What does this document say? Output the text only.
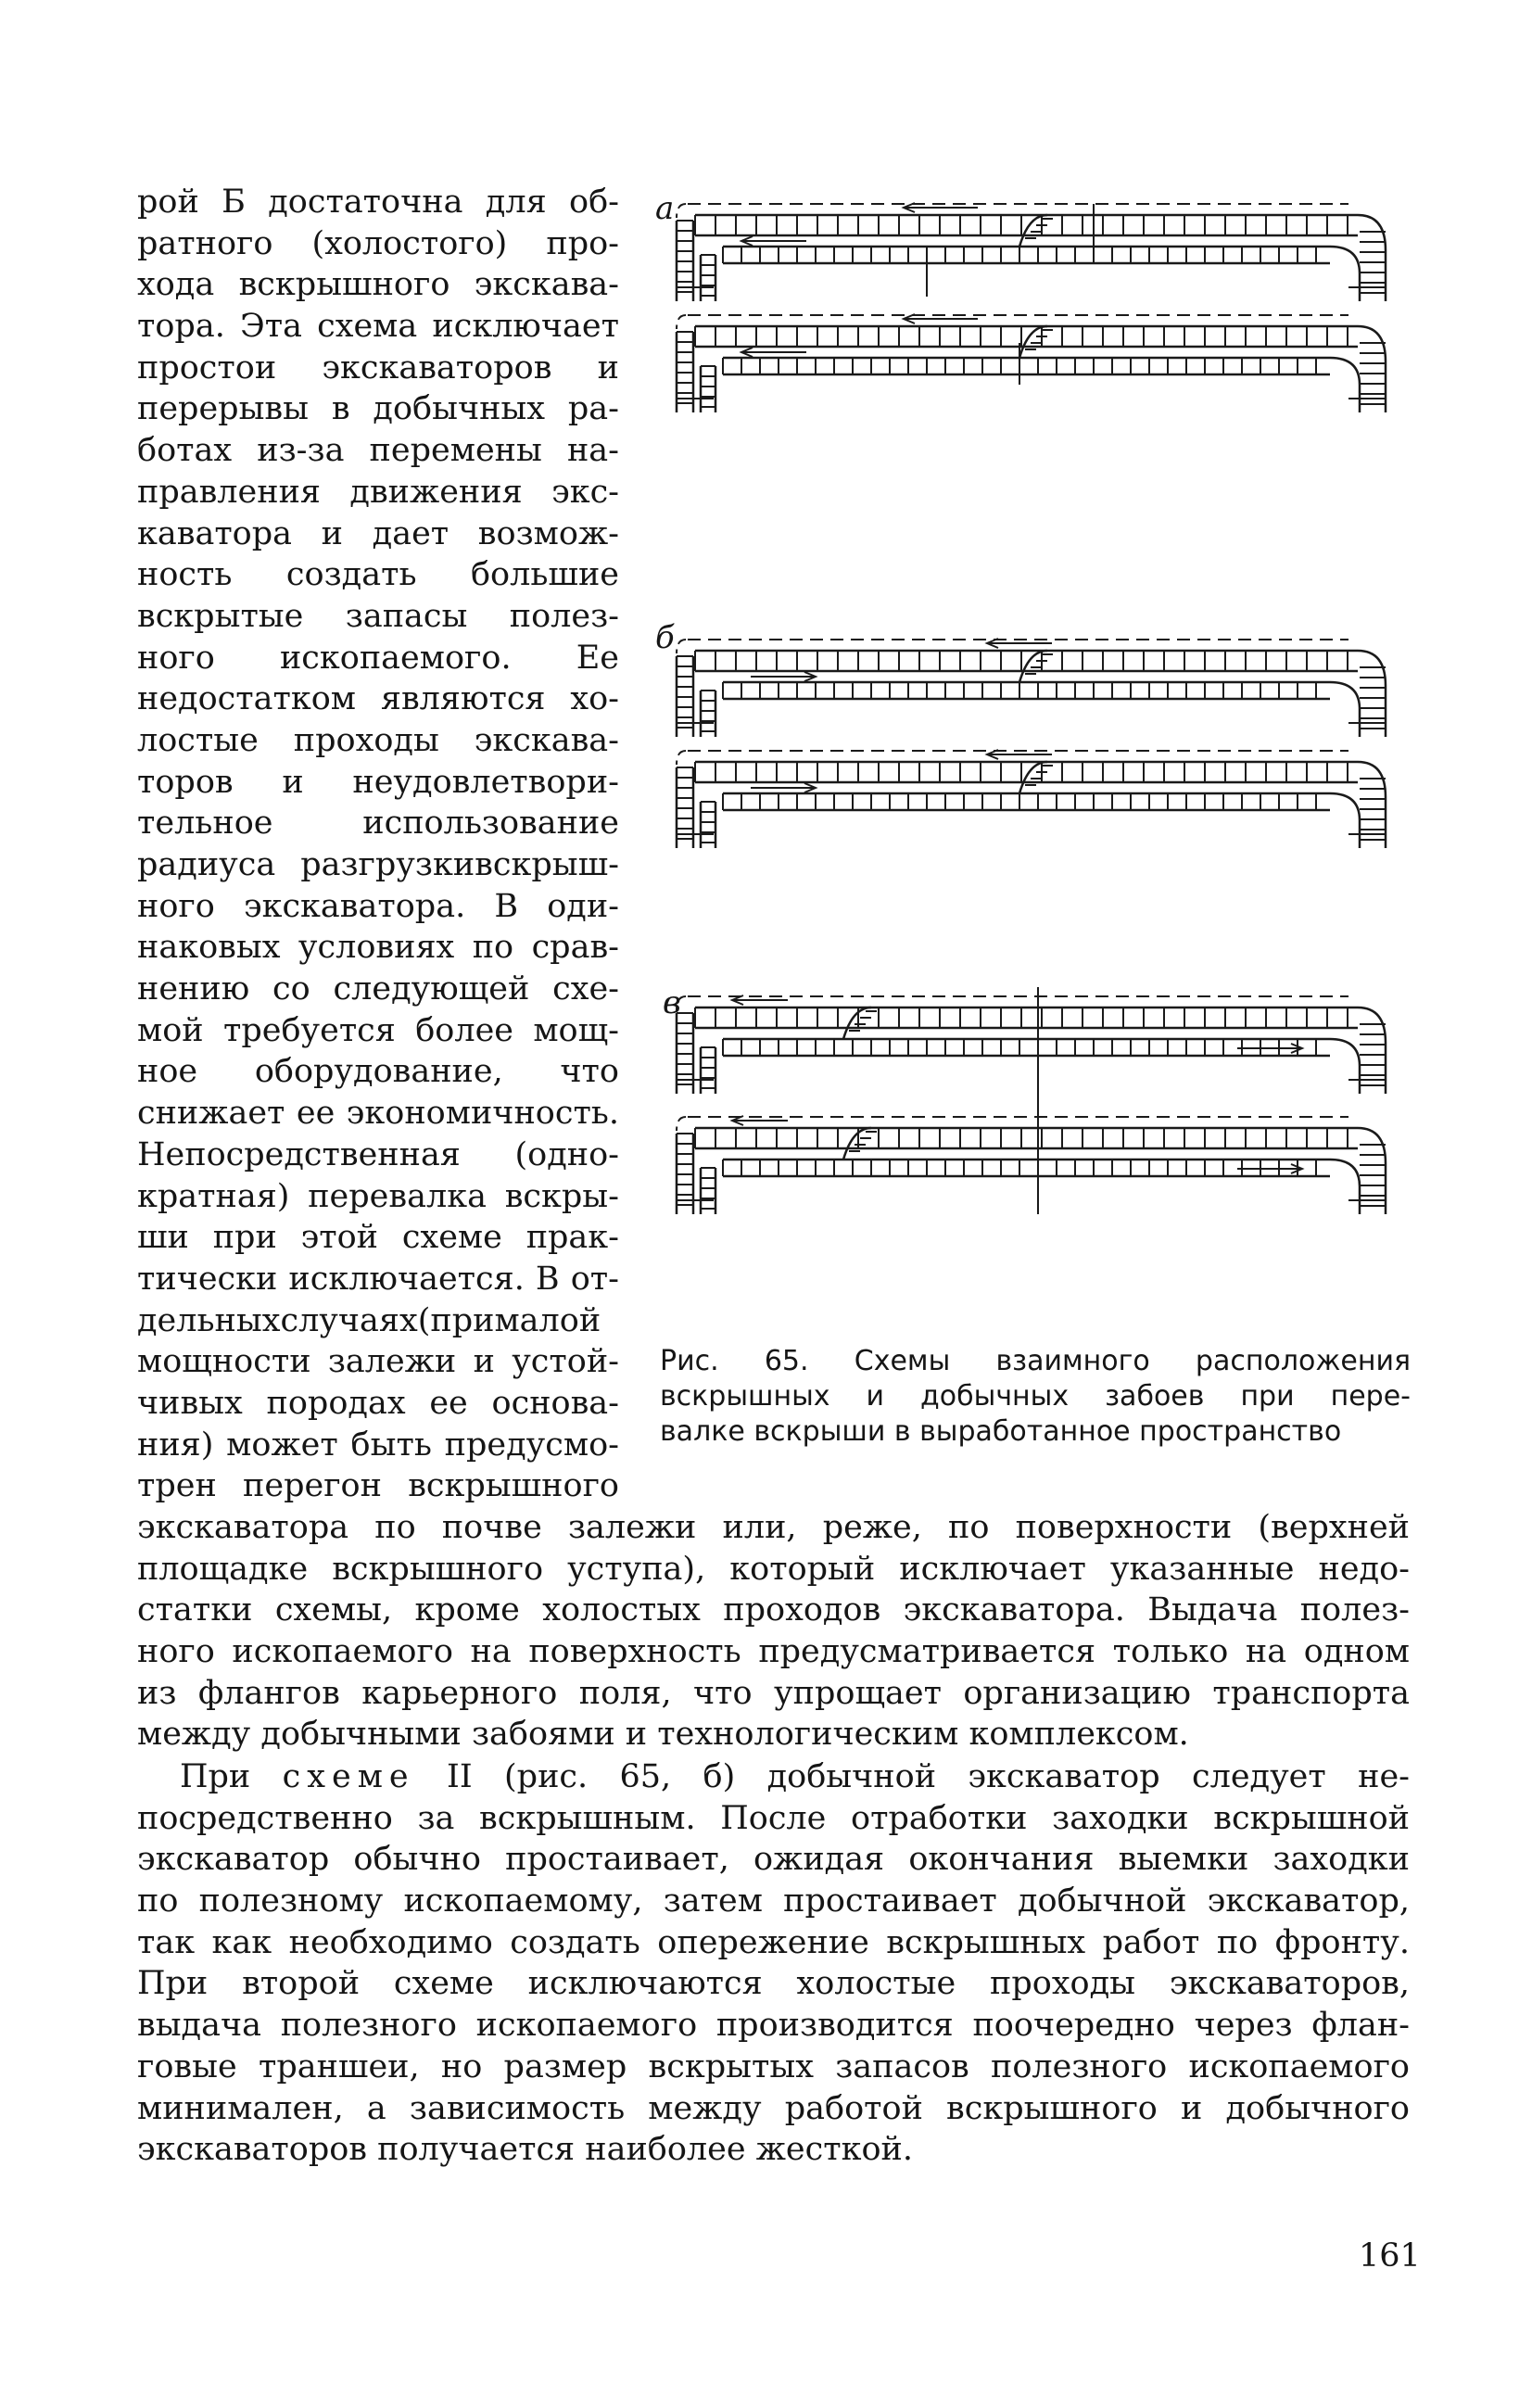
рой Б достаточна для об-
ратного (холостого) про-
хода вскрышного экскава-
тора. Эта схема исключает
простои экскаваторов и
перерывы в добычных ра-
ботах из-за перемены на-
правления движения экс-
каватора и дает возмож-
ность создать большие
вскрытые запасы полез-
ного ископаемого. Ее
недостатком являются хо-
лостые проходы экскава-
торов и неудовлетвори-
тельное использование
радиуса разгрузкивскрыш-
ного экскаватора. В оди-
наковых условиях по срав-
нению со следующей схе-
мой требуется более мощ-
ное оборудование, что
снижает ее экономичность.
Непосредственная (одно-
кратная) перевалка вскры-
ши при этой схеме прак-
тически исключается. В от-
дельныхслучаях(прималой
мощности залежи и устой-
чивых породах ее основа-
ния) может быть предусмо-
трен перегон вскрышного
а
б
в
Рис. 65. Схемы взаимного расположения
вскрышных и добычных забоев при пере-
валке вскрыши в выработанное пространство
экскаватора по почве залежи или, реже, по поверхности (верхней
площадке вскрышного уступа), который исключает указанные недо-
статки схемы, кроме холостых проходов экскаватора. Выдача полез-
ного ископаемого на поверхность предусматривается только на одном
из флангов карьерного поля, что упрощает организацию транспорта
между добычными забоями и технологическим комплексом.
При схеме II (рис. 65, б) добычной экскаватор следует не-
посредственно за вскрышным. После отработки заходки вскрышной
экскаватор обычно простаивает, ожидая окончания выемки заходки
по полезному ископаемому, затем простаивает добычной экскаватор,
так как необходимо создать опережение вскрышных работ по фронту.
При второй схеме исключаются холостые проходы экскаваторов,
выдача полезного ископаемого производится поочередно через флан-
говые траншеи, но размер вскрытых запасов полезного ископаемого
минимален, а зависимость между работой вскрышного и добычного
экскаваторов получается наиболее жесткой.
161
